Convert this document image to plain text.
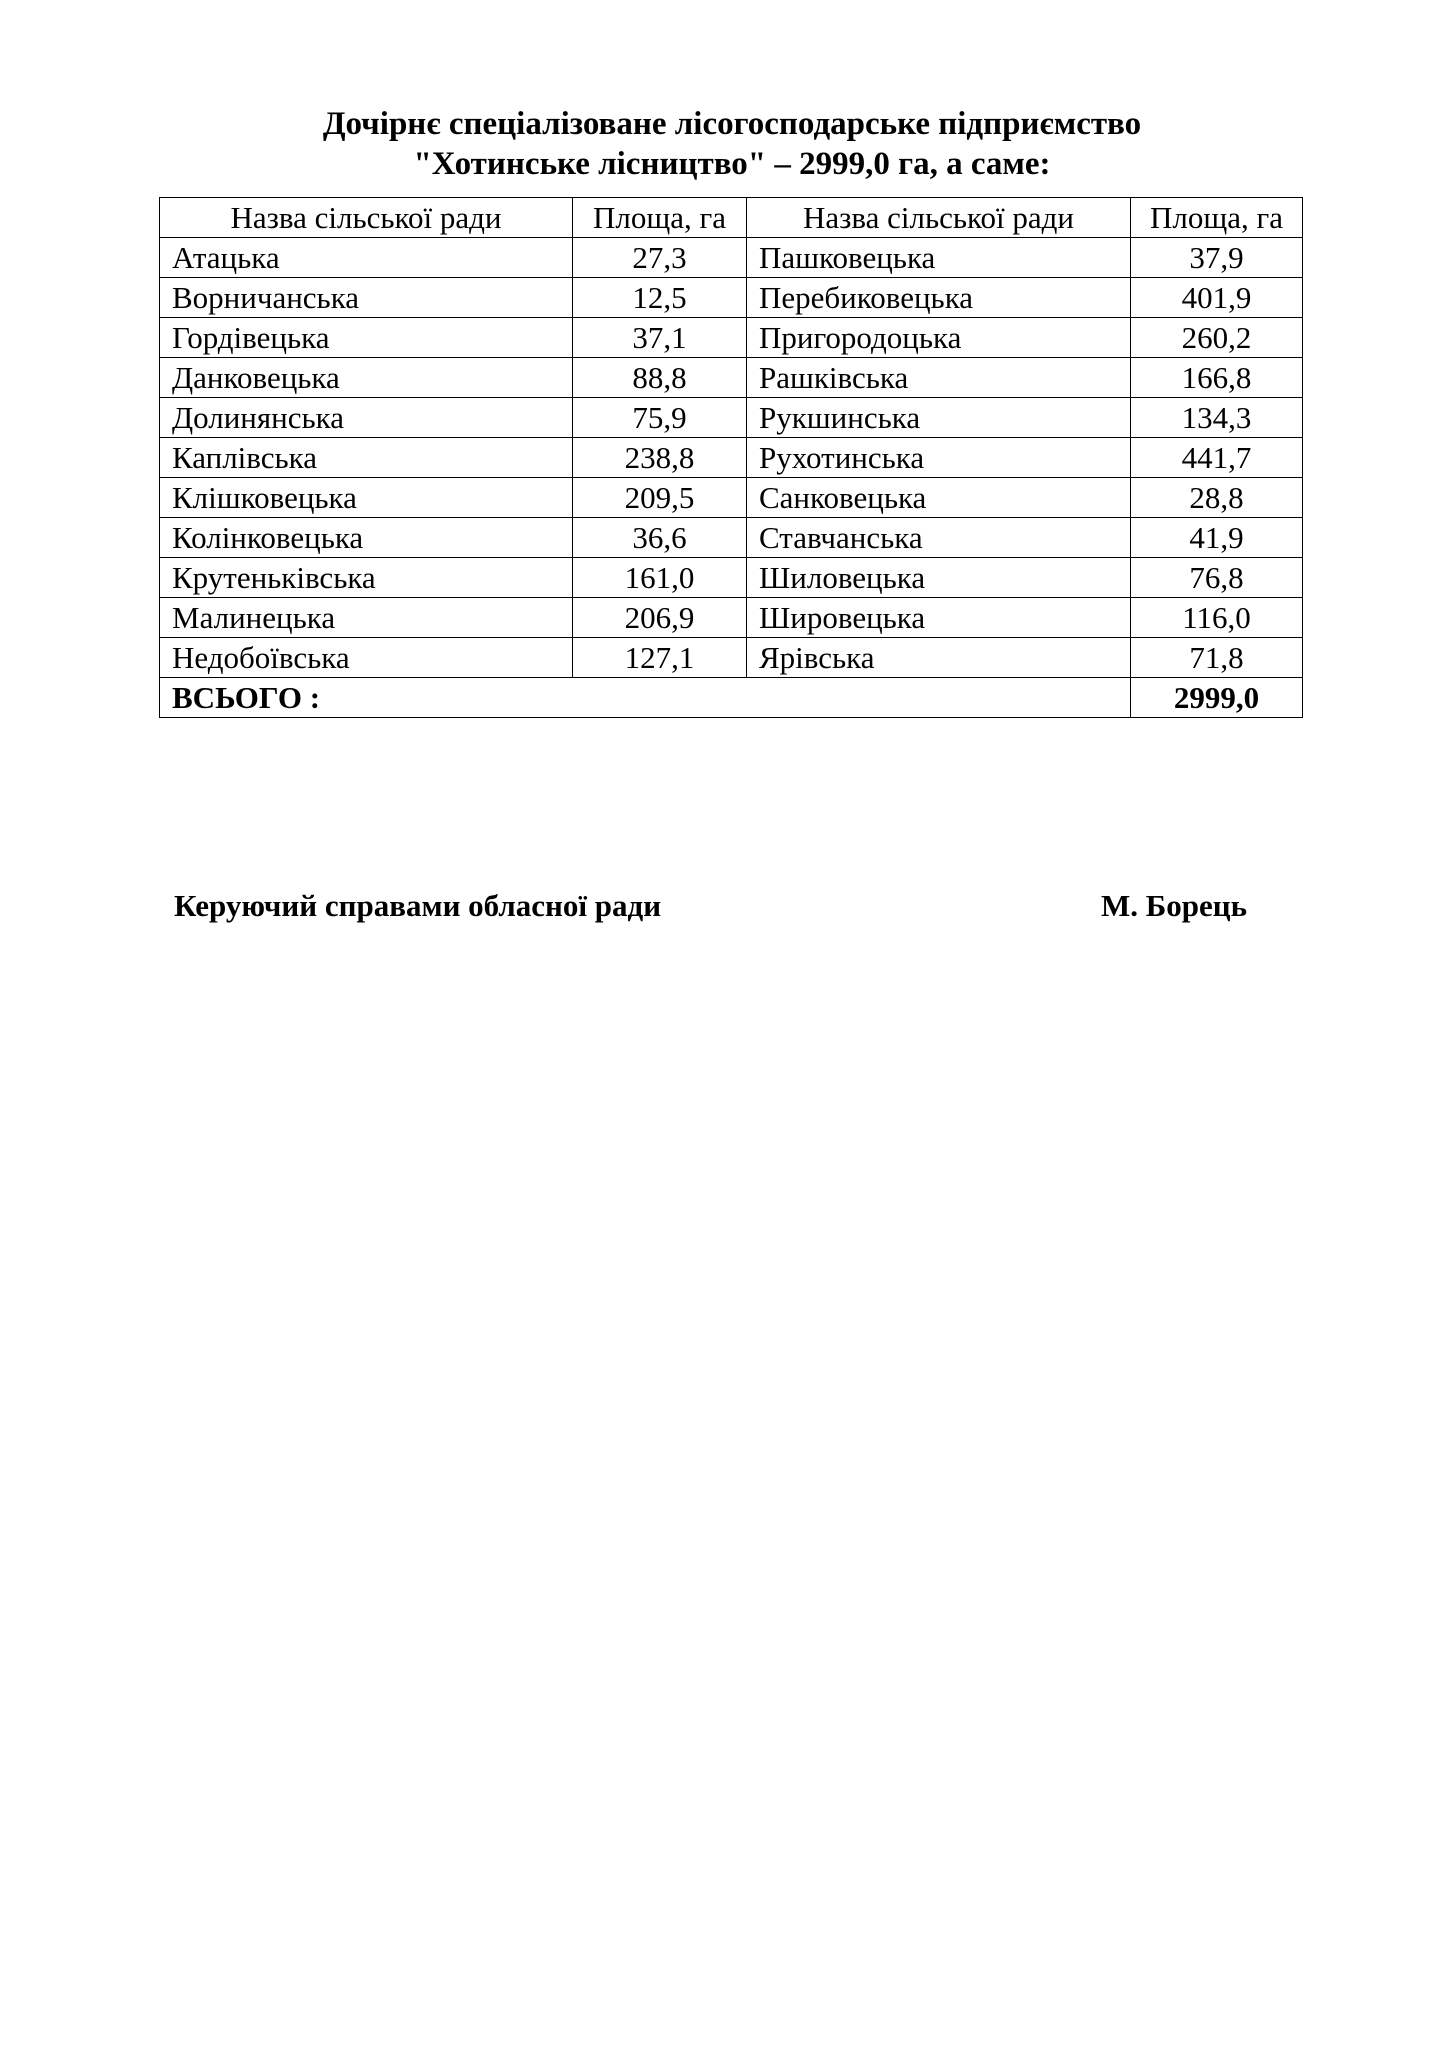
Дочірнє спеціалізоване лісогосподарське підприємство
"Хотинське лісництво" – 2999,0 га, а саме:
Назва сільської ради	Площа, га	Назва сільської ради	Площа, га
Атацька	27,3	Пашковецька	37,9
Ворничанська	12,5	Перебиковецька	401,9
Гордівецька	37,1	Пригородоцька	260,2
Данковецька	88,8	Рашківська	166,8
Долинянська	75,9	Рукшинська	134,3
Каплівська	238,8	Рухотинська	441,7
Клішковецька	209,5	Санковецька	28,8
Колінковецька	36,6	Ставчанська	41,9
Крутеньківська	161,0	Шиловецька	76,8
Малинецька	206,9	Шировецька	116,0
Недобоївська	127,1	Ярівська	71,8
ВСЬОГО :			2999,0
Керуючий справами обласної ради	М. Борець
